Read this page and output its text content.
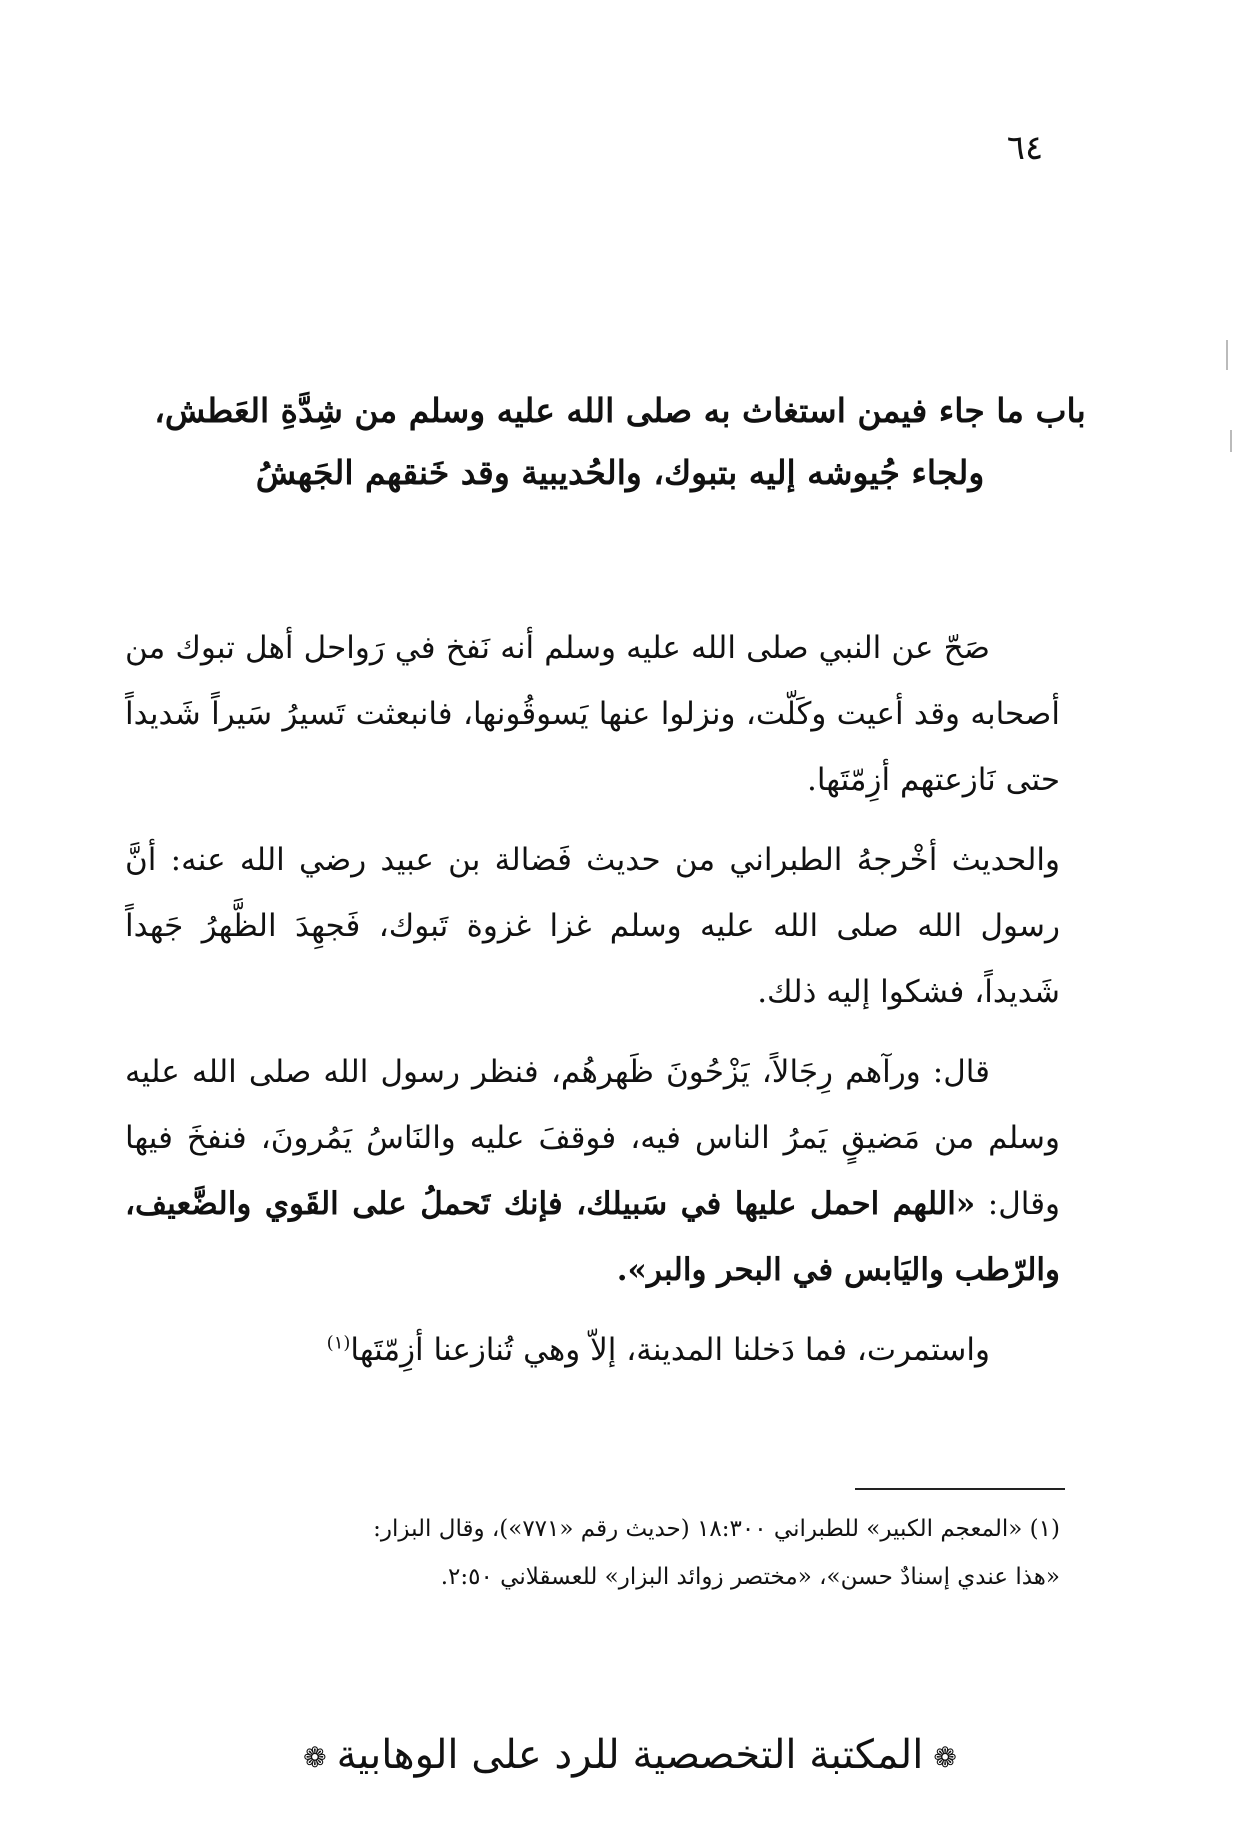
٦٤
باب ما جاء فيمن استغاث به صلى الله عليه وسلم من شِدَّةِ العَطش،
ولجاء جُيوشه إليه بتبوك، والحُديبية وقد خَنقهم الجَهشُ

صَحّ عن النبي صلى الله عليه وسلم أنه نَفخ في رَواحل أهل تبوك من أصحابه وقد أعيت وكَلّت، ونزلوا عنها يَسوقُونها، فانبعثت تَسيرُ سَيراً شَديداً حتى نَازعتهم أزِمّتَها.

والحديث أخْرجهُ الطبراني من حديث فَضالة بن عبيد رضي الله عنه: أنَّ رسول الله صلى الله عليه وسلم غزا غزوة تَبوك، فَجهِدَ الظَّهرُ جَهداً شَديداً، فشكوا إليه ذلك.

قال: ورآهم رِجَالاً، يَزْحُونَ ظَهرهُم، فنظر رسول الله صلى الله عليه وسلم من مَضيقٍ يَمرُ الناس فيه، فوقفَ عليه والنَاسُ يَمُرونَ، فنفخَ فيها وقال: «اللهم احمل عليها في سَبيلك، فإنك تَحملُ على القَوي والضَّعيف، والرّطب واليَابس في البحر والبر».

واستمرت، فما دَخلنا المدينة، إلاّ وهي تُنازعنا أزِمّتَها$^{(١)}$

(١) «المعجم الكبير» للطبراني ١٨:٣٠٠ (حديث رقم «٧٧١»)، وقال البزار:

«هذا عندي إسنادٌ حسن»، «مختصر زوائد البزار» للعسقلاني ٢:٥٠.

❁المكتبة التخصصية للرد على الوهابية❁
